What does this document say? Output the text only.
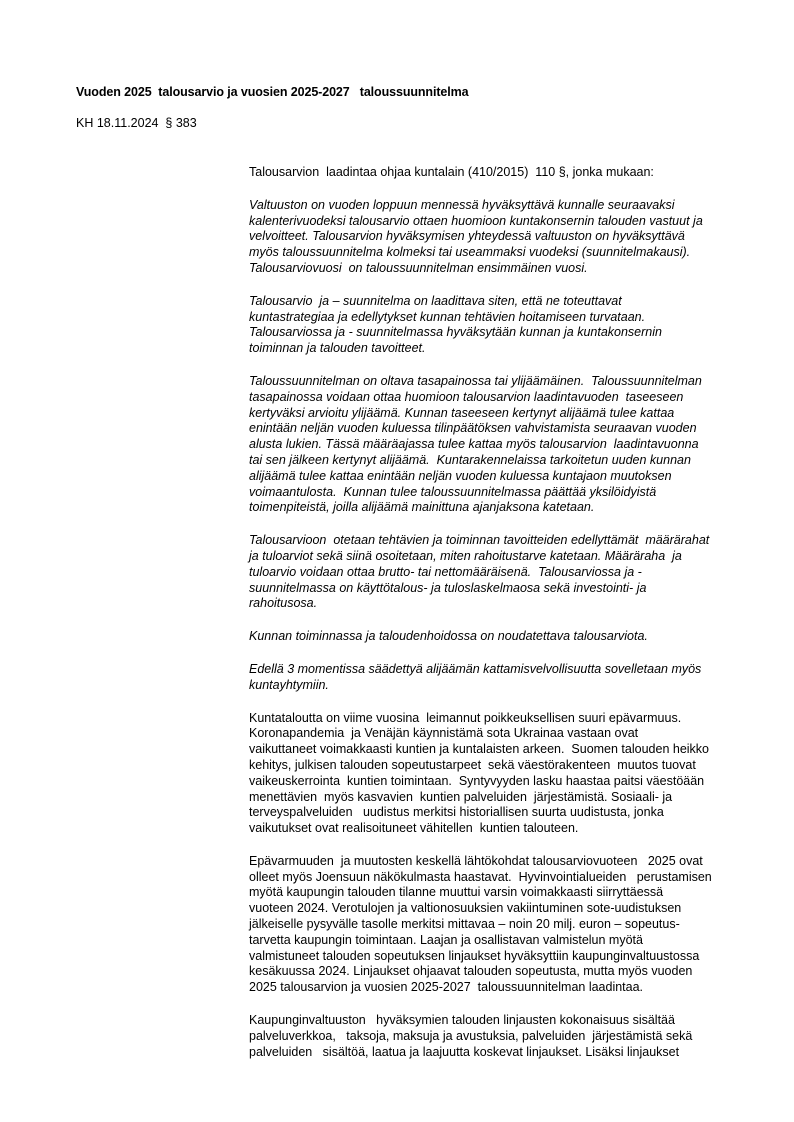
Vuoden 2025  talousarvio ja vuosien 2025-2027   taloussuunnitelma
KH 18.11.2024  § 383

Talousarvion  laadintaa ohjaa kuntalain (410/2015)  110 §, jonka mukaan:

Valtuuston on vuoden loppuun mennessä hyväksyttävä kunnalle seuraavaksi
kalenterivuodeksi talousarvio ottaen huomioon kuntakonsernin talouden vastuut ja
velvoitteet. Talousarvion hyväksymisen yhteydessä valtuuston on hyväksyttävä
myös taloussuunnitelma kolmeksi tai useammaksi vuodeksi (suunnitelmakausi).
Talousarviovuosi  on taloussuunnitelman ensimmäinen vuosi.

Talousarvio  ja – suunnitelma on laadittava siten, että ne toteuttavat
kuntastrategiaa ja edellytykset kunnan tehtävien hoitamiseen turvataan.
Talousarviossa ja - suunnitelmassa hyväksytään kunnan ja kuntakonsernin
toiminnan ja talouden tavoitteet.

Taloussuunnitelman on oltava tasapainossa tai ylijäämäinen.  Taloussuunnitelman
tasapainossa voidaan ottaa huomioon talousarvion laadintavuoden  taseeseen
kertyväksi arvioitu ylijäämä. Kunnan taseeseen kertynyt alijäämä tulee kattaa
enintään neljän vuoden kuluessa tilinpäätöksen vahvistamista seuraavan vuoden
alusta lukien. Tässä määräajassa tulee kattaa myös talousarvion  laadintavuonna
tai sen jälkeen kertynyt alijäämä.  Kuntarakennelaissa tarkoitetun uuden kunnan
alijäämä tulee kattaa enintään neljän vuoden kuluessa kuntajaon muutoksen
voimaantulosta.  Kunnan tulee taloussuunnitelmassa päättää yksilöidyistä
toimenpiteistä, joilla alijäämä mainittuna ajanjaksona katetaan.

Talousarvioon  otetaan tehtävien ja toiminnan tavoitteiden edellyttämät  määrärahat
ja tuloarviot sekä siinä osoitetaan, miten rahoitustarve katetaan. Määräraha  ja
tuloarvio voidaan ottaa brutto- tai nettomääräisenä.  Talousarviossa ja -
suunnitelmassa on käyttötalous- ja tuloslaskelmaosa sekä investointi- ja
rahoitusosa.

Kunnan toiminnassa ja taloudenhoidossa on noudatettava talousarviota.

Edellä 3 momentissa säädettyä alijäämän kattamisvelvollisuutta sovelletaan myös
kuntayhtymiin.

Kuntataloutta on viime vuosina  leimannut poikkeuksellisen suuri epävarmuus.
Koronapandemia  ja Venäjän käynnistämä sota Ukrainaa vastaan ovat
vaikuttaneet voimakkaasti kuntien ja kuntalaisten arkeen.  Suomen talouden heikko
kehitys, julkisen talouden sopeutustarpeet  sekä väestörakenteen  muutos tuovat
vaikeuskerrointa  kuntien toimintaan.  Syntyvyyden lasku haastaa paitsi väestöään
menettävien  myös kasvavien  kuntien palveluiden  järjestämistä. Sosiaali- ja
terveyspalveluiden   uudistus merkitsi historiallisen suurta uudistusta, jonka
vaikutukset ovat realisoituneet vähitellen  kuntien talouteen.

Epävarmuuden  ja muutosten keskellä lähtökohdat talousarviovuoteen   2025 ovat
olleet myös Joensuun näkökulmasta haastavat.  Hyvinvointialueiden   perustamisen
myötä kaupungin talouden tilanne muuttui varsin voimakkaasti siirryttäessä
vuoteen 2024. Verotulojen ja valtionosuuksien vakiintuminen sote-uudistuksen
jälkeiselle pysyvälle tasolle merkitsi mittavaa – noin 20 milj. euron – sopeutus-
tarvetta kaupungin toimintaan. Laajan ja osallistavan valmistelun myötä
valmistuneet talouden sopeutuksen linjaukset hyväksyttiin kaupunginvaltuustossa
kesäkuussa 2024. Linjaukset ohjaavat talouden sopeutusta, mutta myös vuoden
2025 talousarvion ja vuosien 2025-2027  taloussuunnitelman laadintaa.

Kaupunginvaltuuston   hyväksymien talouden linjausten kokonaisuus sisältää
palveluverkkoa,   taksoja, maksuja ja avustuksia, palveluiden  järjestämistä sekä
palveluiden   sisältöä, laatua ja laajuutta koskevat linjaukset. Lisäksi linjaukset
